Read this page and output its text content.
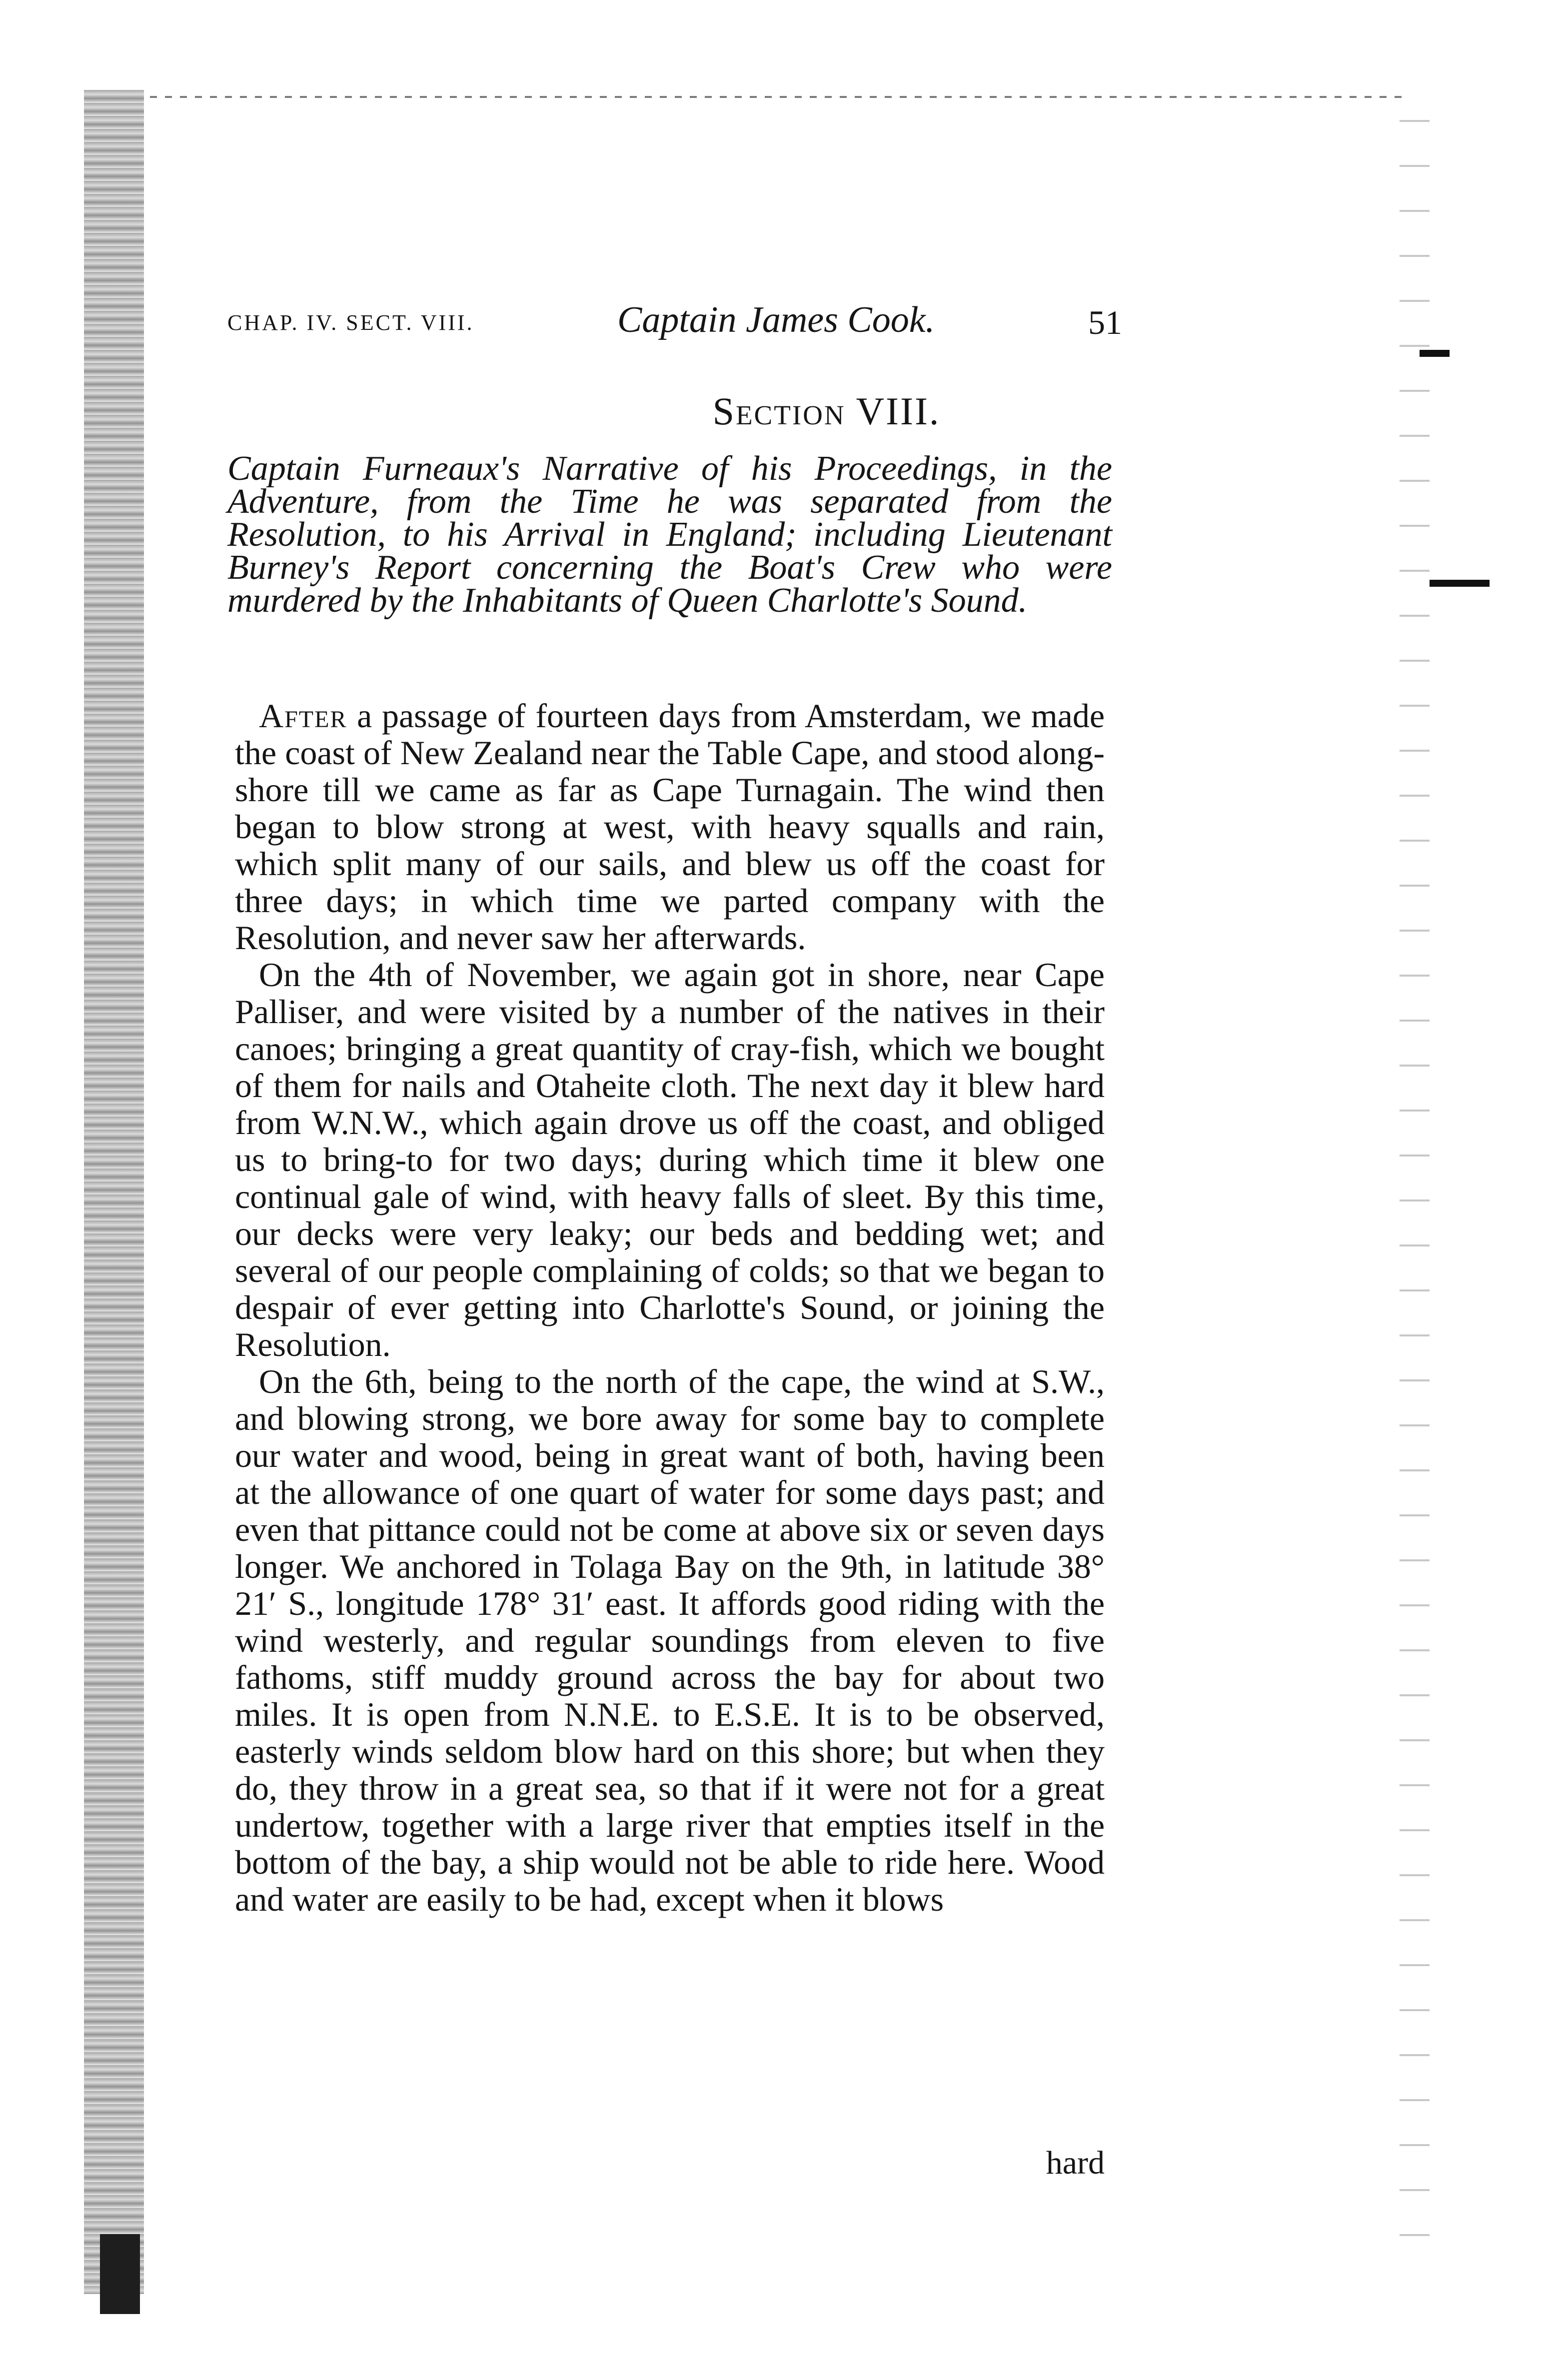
CHAP. IV. SECT. VIII.	Captain James Cook.	51
Section VIII.
Captain Furneaux's Narrative of his Proceedings, in the Adventure, from the Time he was separated from the Resolution, to his Arrival in England; including Lieutenant Burney's Report concerning the Boat's Crew who were murdered by the Inhabitants of Queen Charlotte's Sound.

After a passage of fourteen days from Amsterdam, we made the coast of New Zealand near the Table Cape, and stood along-shore till we came as far as Cape Turnagain. The wind then began to blow strong at west, with heavy squalls and rain, which split many of our sails, and blew us off the coast for three days; in which time we parted company with the Resolution, and never saw her afterwards.

On the 4th of November, we again got in shore, near Cape Palliser, and were visited by a number of the natives in their canoes; bringing a great quantity of cray-fish, which we bought of them for nails and Otaheite cloth. The next day it blew hard from W.N.W., which again drove us off the coast, and obliged us to bring-to for two days; during which time it blew one continual gale of wind, with heavy falls of sleet. By this time, our decks were very leaky; our beds and bedding wet; and several of our people complaining of colds; so that we began to despair of ever getting into Charlotte's Sound, or joining the Resolution.

On the 6th, being to the north of the cape, the wind at S.W., and blowing strong, we bore away for some bay to complete our water and wood, being in great want of both, having been at the allowance of one quart of water for some days past; and even that pittance could not be come at above six or seven days longer. We anchored in Tolaga Bay on the 9th, in latitude 38° 21′ S., longitude 178° 31′ east. It affords good riding with the wind westerly, and regular soundings from eleven to five fathoms, stiff muddy ground across the bay for about two miles. It is open from N.N.E. to E.S.E. It is to be observed, easterly winds seldom blow hard on this shore; but when they do, they throw in a great sea, so that if it were not for a great undertow, together with a large river that empties itself in the bottom of the bay, a ship would not be able to ride here. Wood and water are easily to be had, except when it blows

hard
